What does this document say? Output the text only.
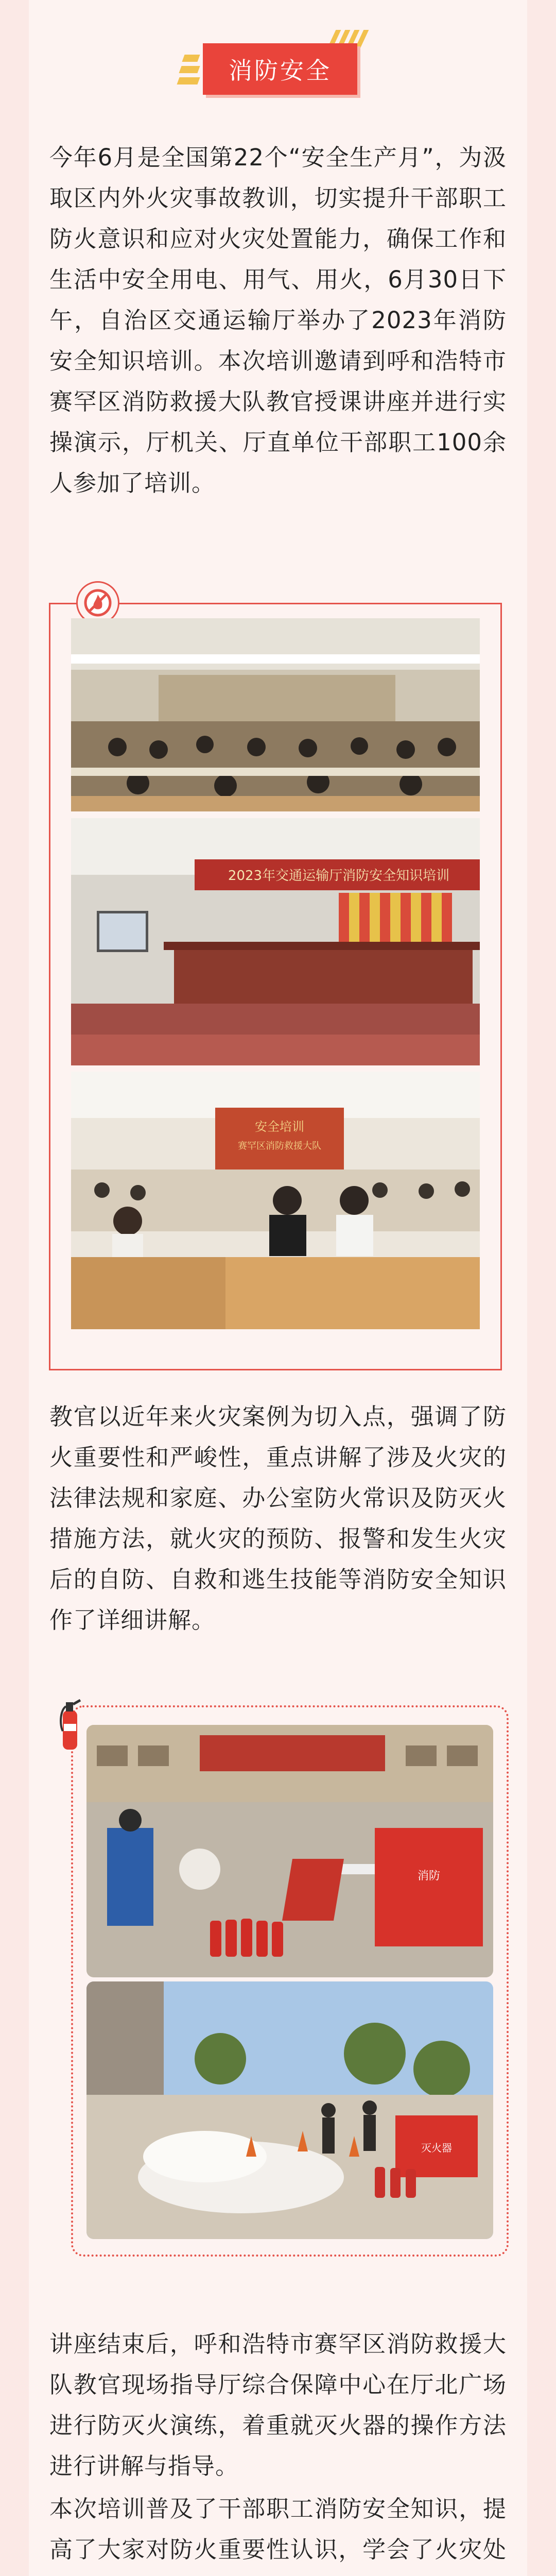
消防安全

今年6月是全国第22个“安全生产月”，为汲取区内外火灾事故教训，切实提升干部职工防火意识和应对火灾处置能力，确保工作和生活中安全用电、用气、用火，6月30日下午，自治区交通运输厅举办了2023年消防安全知识培训。本次培训邀请到呼和浩特市赛罕区消防救援大队教官授课讲座并进行实操演示，厅机关、厅直单位干部职工100余人参加了培训。

2023年交通运输厅消防安全知识培训
安全培训
赛罕区消防救援大队

教官以近年来火灾案例为切入点，强调了防火重要性和严峻性，重点讲解了涉及火灾的法律法规和家庭、办公室防火常识及防灭火措施方法，就火灾的预防、报警和发生火灾后的自防、自救和逃生技能等消防安全知识作了详细讲解。

消防
灭火器

讲座结束后，呼和浩特市赛罕区消防救援大队教官现场指导厅综合保障中心在厅北广场进行防灭火演练，着重就灭火器的操作方法进行讲解与指导。

本次培训普及了干部职工消防安全知识，提高了大家对防火重要性认识，学会了火灾处
